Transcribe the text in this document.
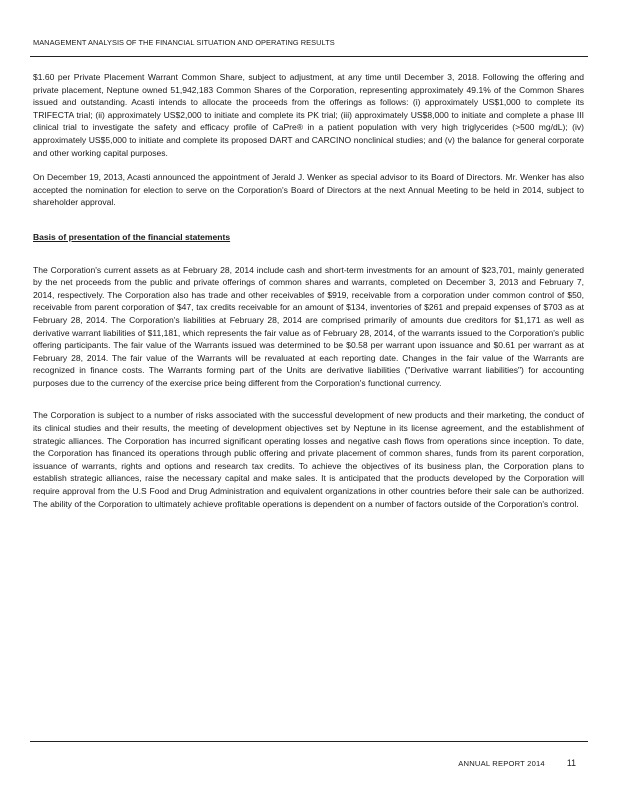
MANAGEMENT ANALYSIS OF THE FINANCIAL SITUATION AND OPERATING RESULTS

$1.60 per Private Placement Warrant Common Share, subject to adjustment, at any time until December 3, 2018. Following the offering and private placement, Neptune owned 51,942,183 Common Shares of the Corporation, representing approximately 49.1% of the Common Shares issued and outstanding. Acasti intends to allocate the proceeds from the offerings as follows: (i) approximately US$1,000 to complete its TRIFECTA trial; (ii) approximately US$2,000 to initiate and complete its PK trial; (iii) approximately US$8,000 to initiate and complete a phase III clinical trial to investigate the safety and efficacy profile of CaPre® in a patient population with very high triglycerides (>500 mg/dL); (iv) approximately US$5,000 to initiate and complete its proposed DART and CARCINO nonclinical studies; and (v) the balance for general corporate and other working capital purposes.

On December 19, 2013, Acasti announced the appointment of Jerald J. Wenker as special advisor to its Board of Directors. Mr. Wenker has also accepted the nomination for election to serve on the Corporation's Board of Directors at the next Annual Meeting to be held in 2014, subject to shareholder approval.

Basis of presentation of the financial statements

The Corporation's current assets as at February 28, 2014 include cash and short-term investments for an amount of $23,701, mainly generated by the net proceeds from the public and private offerings of common shares and warrants, completed on December 3, 2013 and February 7, 2014, respectively. The Corporation also has trade and other receivables of $919, receivable from a corporation under common control of $50, receivable from parent corporation of $47, tax credits receivable for an amount of $134, inventories of $261 and prepaid expenses of $703 as at February 28, 2014. The Corporation's liabilities at February 28, 2014 are comprised primarily of amounts due creditors for $1,171 as well as derivative warrant liabilities of $11,181, which represents the fair value as of February 28, 2014, of the warrants issued to the Corporation's public offering participants. The fair value of the Warrants issued was determined to be $0.58 per warrant upon issuance and $0.61 per warrant as at February 28, 2014. The fair value of the Warrants will be revaluated at each reporting date. Changes in the fair value of the Warrants are recognized in finance costs. The Warrants forming part of the Units are derivative liabilities ("Derivative warrant liabilities") for accounting purposes due to the currency of the exercise price being different from the Corporation's functional currency.

The Corporation is subject to a number of risks associated with the successful development of new products and their marketing, the conduct of its clinical studies and their results, the meeting of development objectives set by Neptune in its license agreement, and the establishment of strategic alliances. The Corporation has incurred significant operating losses and negative cash flows from operations since inception. To date, the Corporation has financed its operations through public offering and private placement of common shares, funds from its parent corporation, issuance of warrants, rights and options and research tax credits. To achieve the objectives of its business plan, the Corporation plans to establish strategic alliances, raise the necessary capital and make sales. It is anticipated that the products developed by the Corporation will require approval from the U.S Food and Drug Administration and equivalent organizations in other countries before their sale can be authorized. The ability of the Corporation to ultimately achieve profitable operations is dependent on a number of factors outside of the Corporation's control.

ANNUAL REPORT 2014	11
